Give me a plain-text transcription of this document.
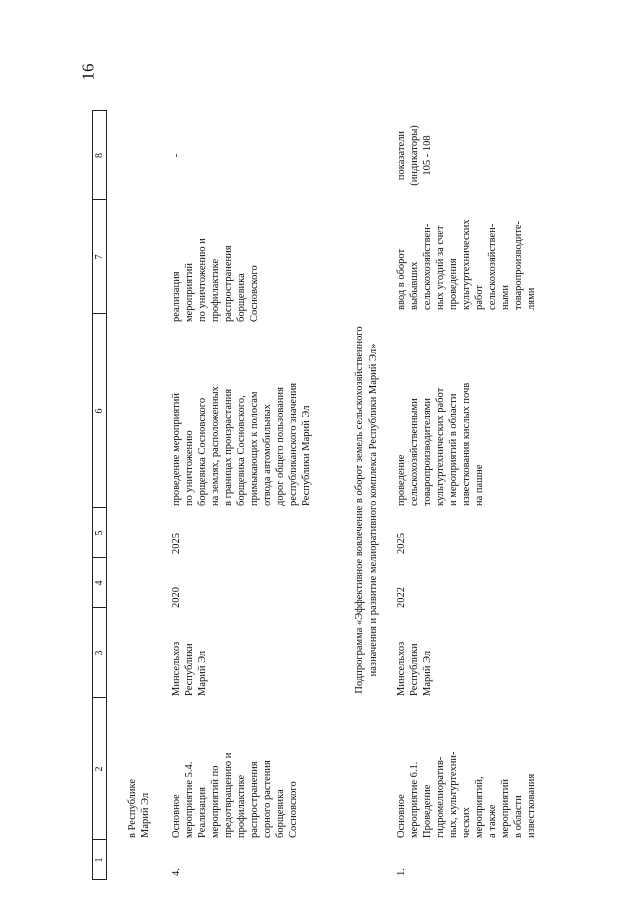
16
1
2
3
4
5
6
7
8
в Республике
Марий Эл
4.
Основное
мероприятие 5.4.
Реализация
мероприятий по
предотвращению и
профилактике
распространения
сорного растения
борщевика
Сосновского
Минсельхоз
Республики
Марий Эл
2020
2025
проведение мероприятий
по уничтожению
борщевика Сосновского
на землях, расположенных
в границах произрастания
борщевика Сосновского,
примыкающих к полосам
отвода автомобильных
дорог общего пользования
республиканского значения
Республики Марий Эл
реализация
мероприятий
по уничтожению и
профилактике
распространения
борщевика
Сосновского
-
Подпрограмма «Эффективное вовлечение в оборот земель сельскохозяйственного назначения и развитие мелиоративного комплекса Республики Марий Эл»
1.
Основное
мероприятие 6.1.
Проведение
гидромелиоратив-
ных, культуртехни-
ческих
мероприятий,
а также
мероприятий
в области
известкования
Минсельхоз
Республики
Марий Эл
2022
2025
проведение
сельскохозяйственными
товаропроизводителями
культуртехнических работ
и мероприятий в области
известкования кислых почв
на пашне
ввод в оборот
выбывших
сельскохозяйствен-
ных угодий за счет
проведения
культуртехнических
работ
сельскохозяйствен-
ными
товаропроизводите-
лями
показатели
(индикаторы)
105 - 108
